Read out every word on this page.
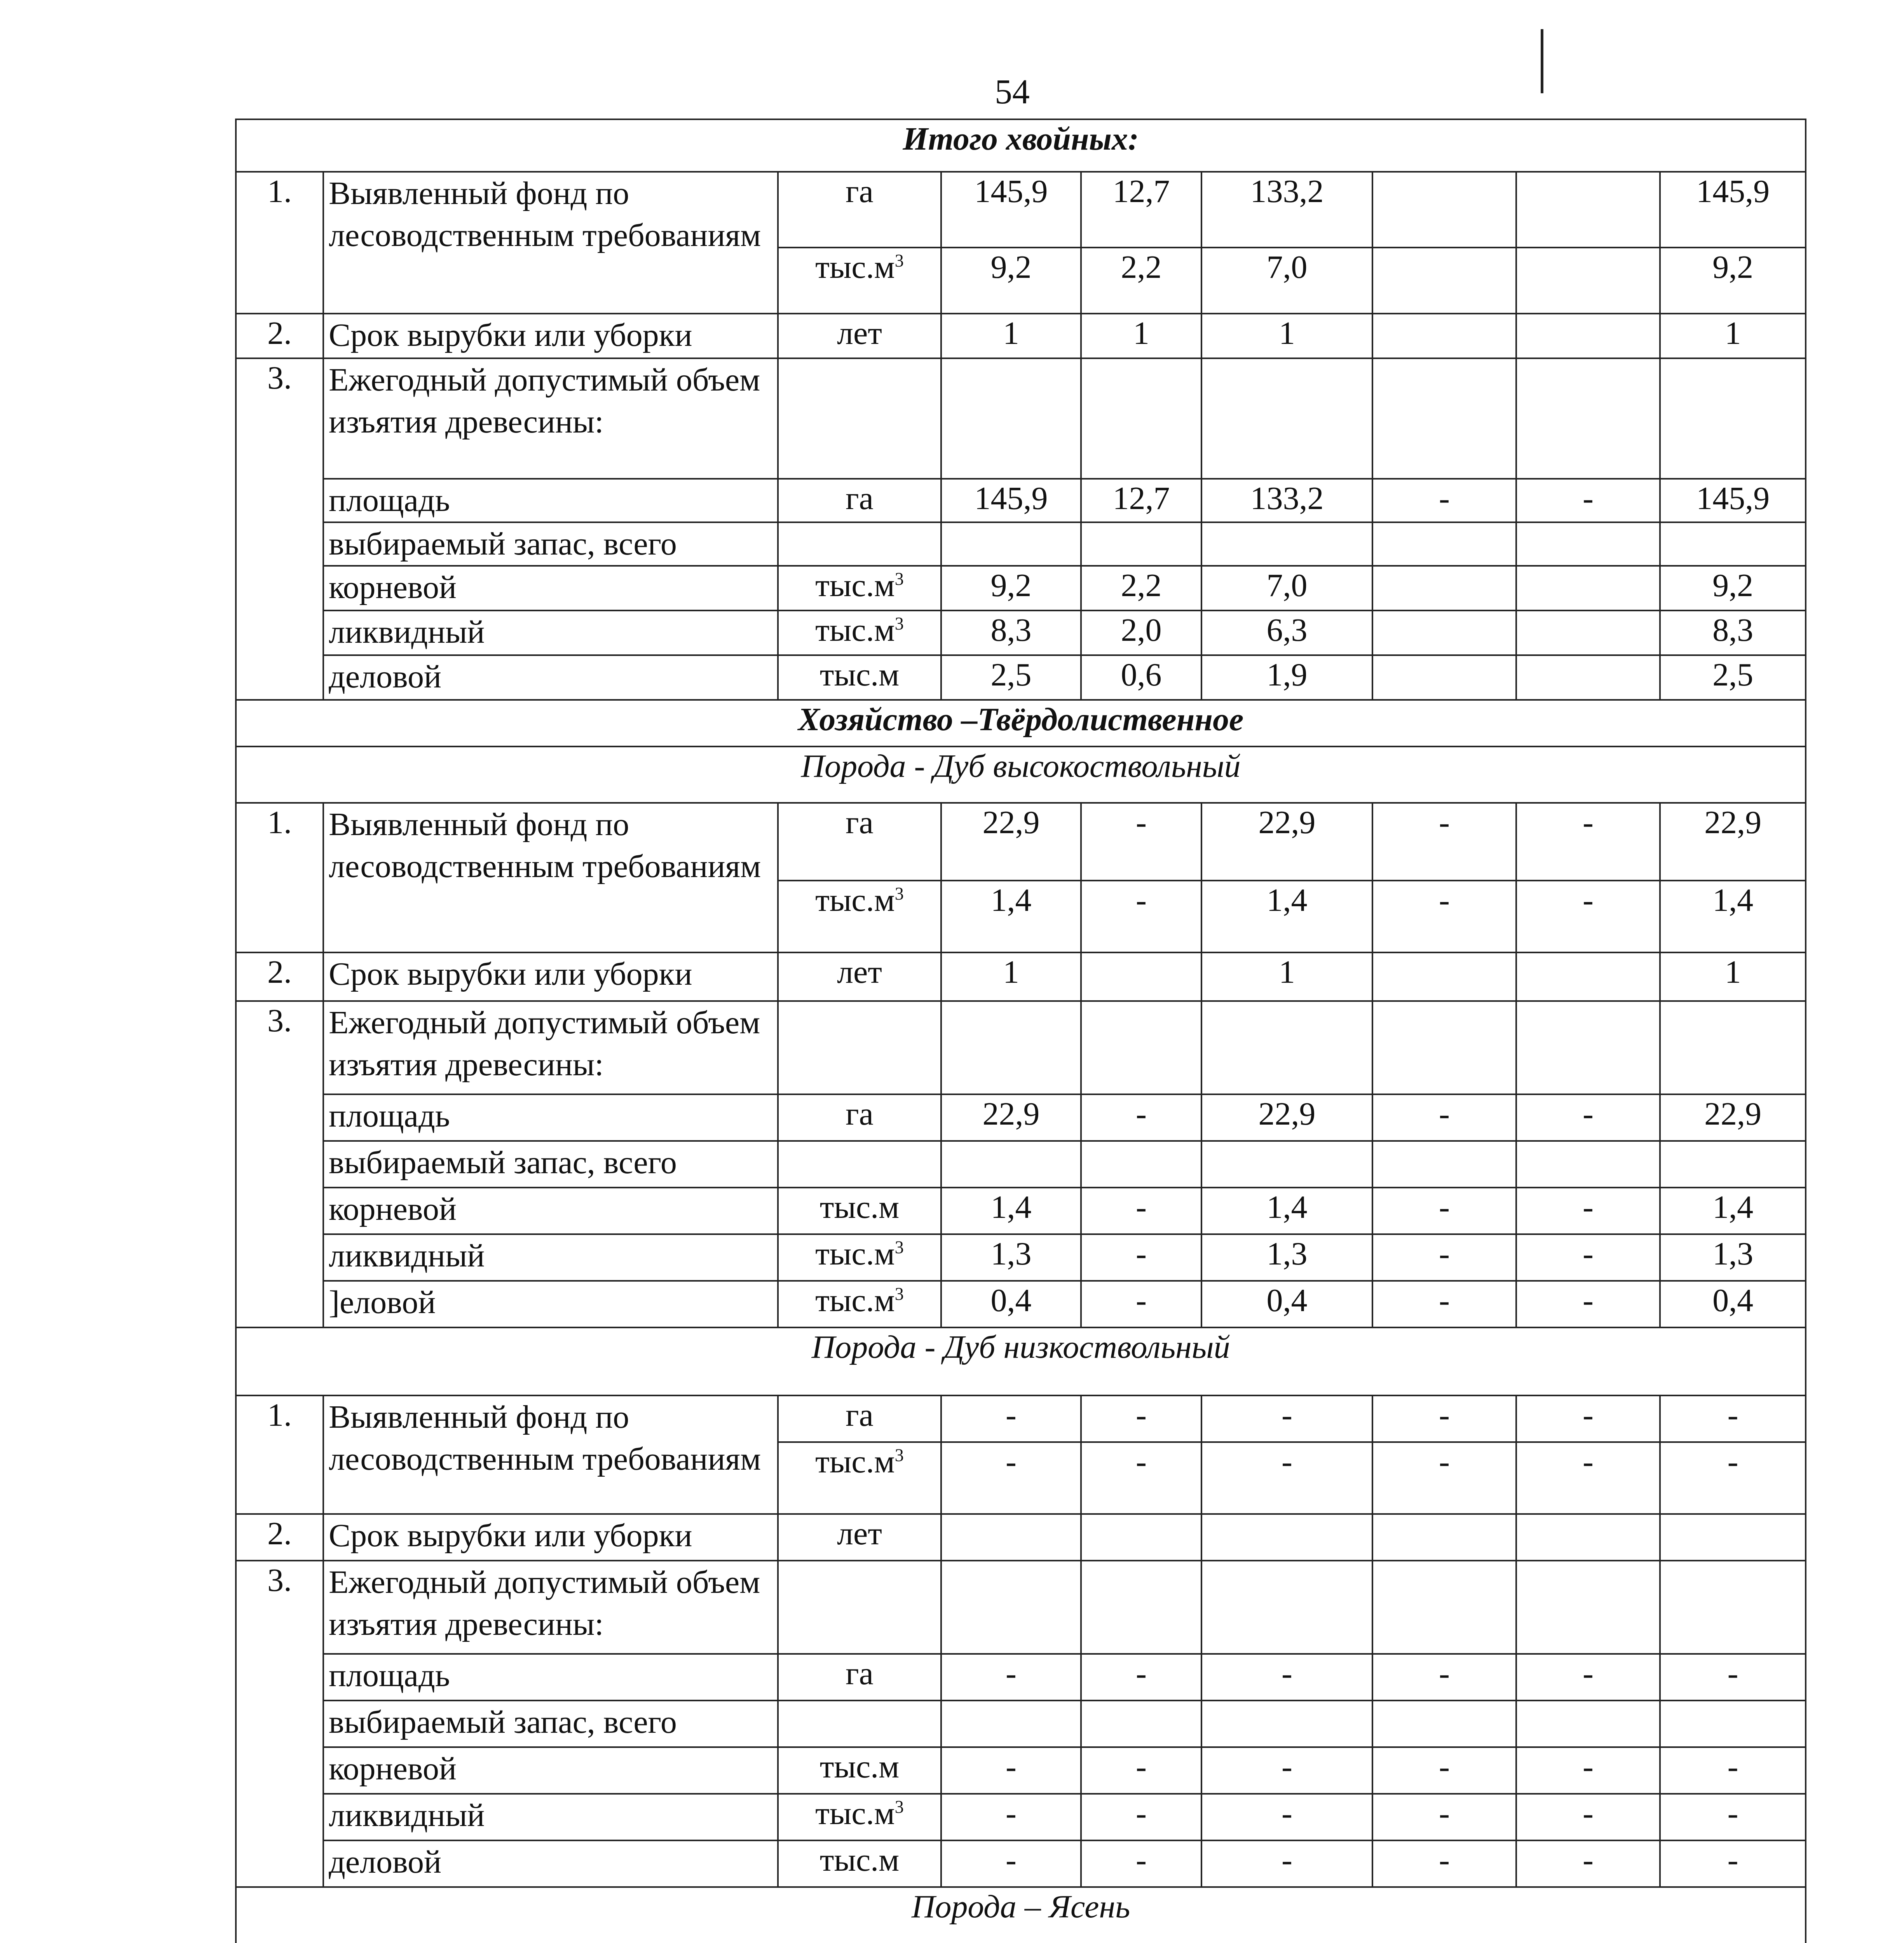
54
Итого хвойных:								
1.	Выявленный фонд по лесоводственным требованиям	га	145,9	12,7	133,2			145,9
		$тыс.м^3$	9,2	2,2	7,0			9,2
2.	Срок вырубки или уборки	лет	1	1	1			1
3.	Ежегодный допустимый объем изъятия древесины:							
	площадь	га	145,9	12,7	133,2	-	-	145,9
	выбираемый запас, всего							
	корневой	$тыс.м^3$	9,2	2,2	7,0			9,2
	ликвидный	$тыс.м^3$	8,3	2,0	6,3			8,3
	деловой	тыс.м	2,5	0,6	1,9			2,5
Хозяйство –Твёрдолиственное								
Порода - Дуб высокоствольный								
1.	Выявленный фонд по лесоводственным требованиям	га	22,9	-	22,9	-	-	22,9
		$тыс.м^3$	1,4	-	1,4	-	-	1,4
2.	Срок вырубки или уборки	лет	1		1			1
3.	Ежегодный допустимый объем изъятия древесины:							
	площадь	га	22,9	-	22,9	-	-	22,9
	выбираемый запас, всего							
	корневой	тыс.м	1,4	-	1,4	-	-	1,4
	ликвидный	$тыс.м^3$	1,3	-	1,3	-	-	1,3
	]еловой	$тыс.м^3$	0,4	-	0,4	-	-	0,4
Порода - Дуб низкоствольный								
1.	Выявленный фонд по лесоводственным требованиям	га	-	-	-	-	-	-
		$тыс.м^3$	-	-	-	-	-	-
2.	Срок вырубки или уборки	лет						
3.	Ежегодный допустимый объем изъятия древесины:							
	площадь	га	-	-	-	-	-	-
	выбираемый запас, всего							
	корневой	тыс.м	-	-	-	-	-	-
	ликвидный	$тыс.м^3$	-	-	-	-	-	-
	деловой	тыс.м	-	-	-	-	-	-
Порода – Ясень								
